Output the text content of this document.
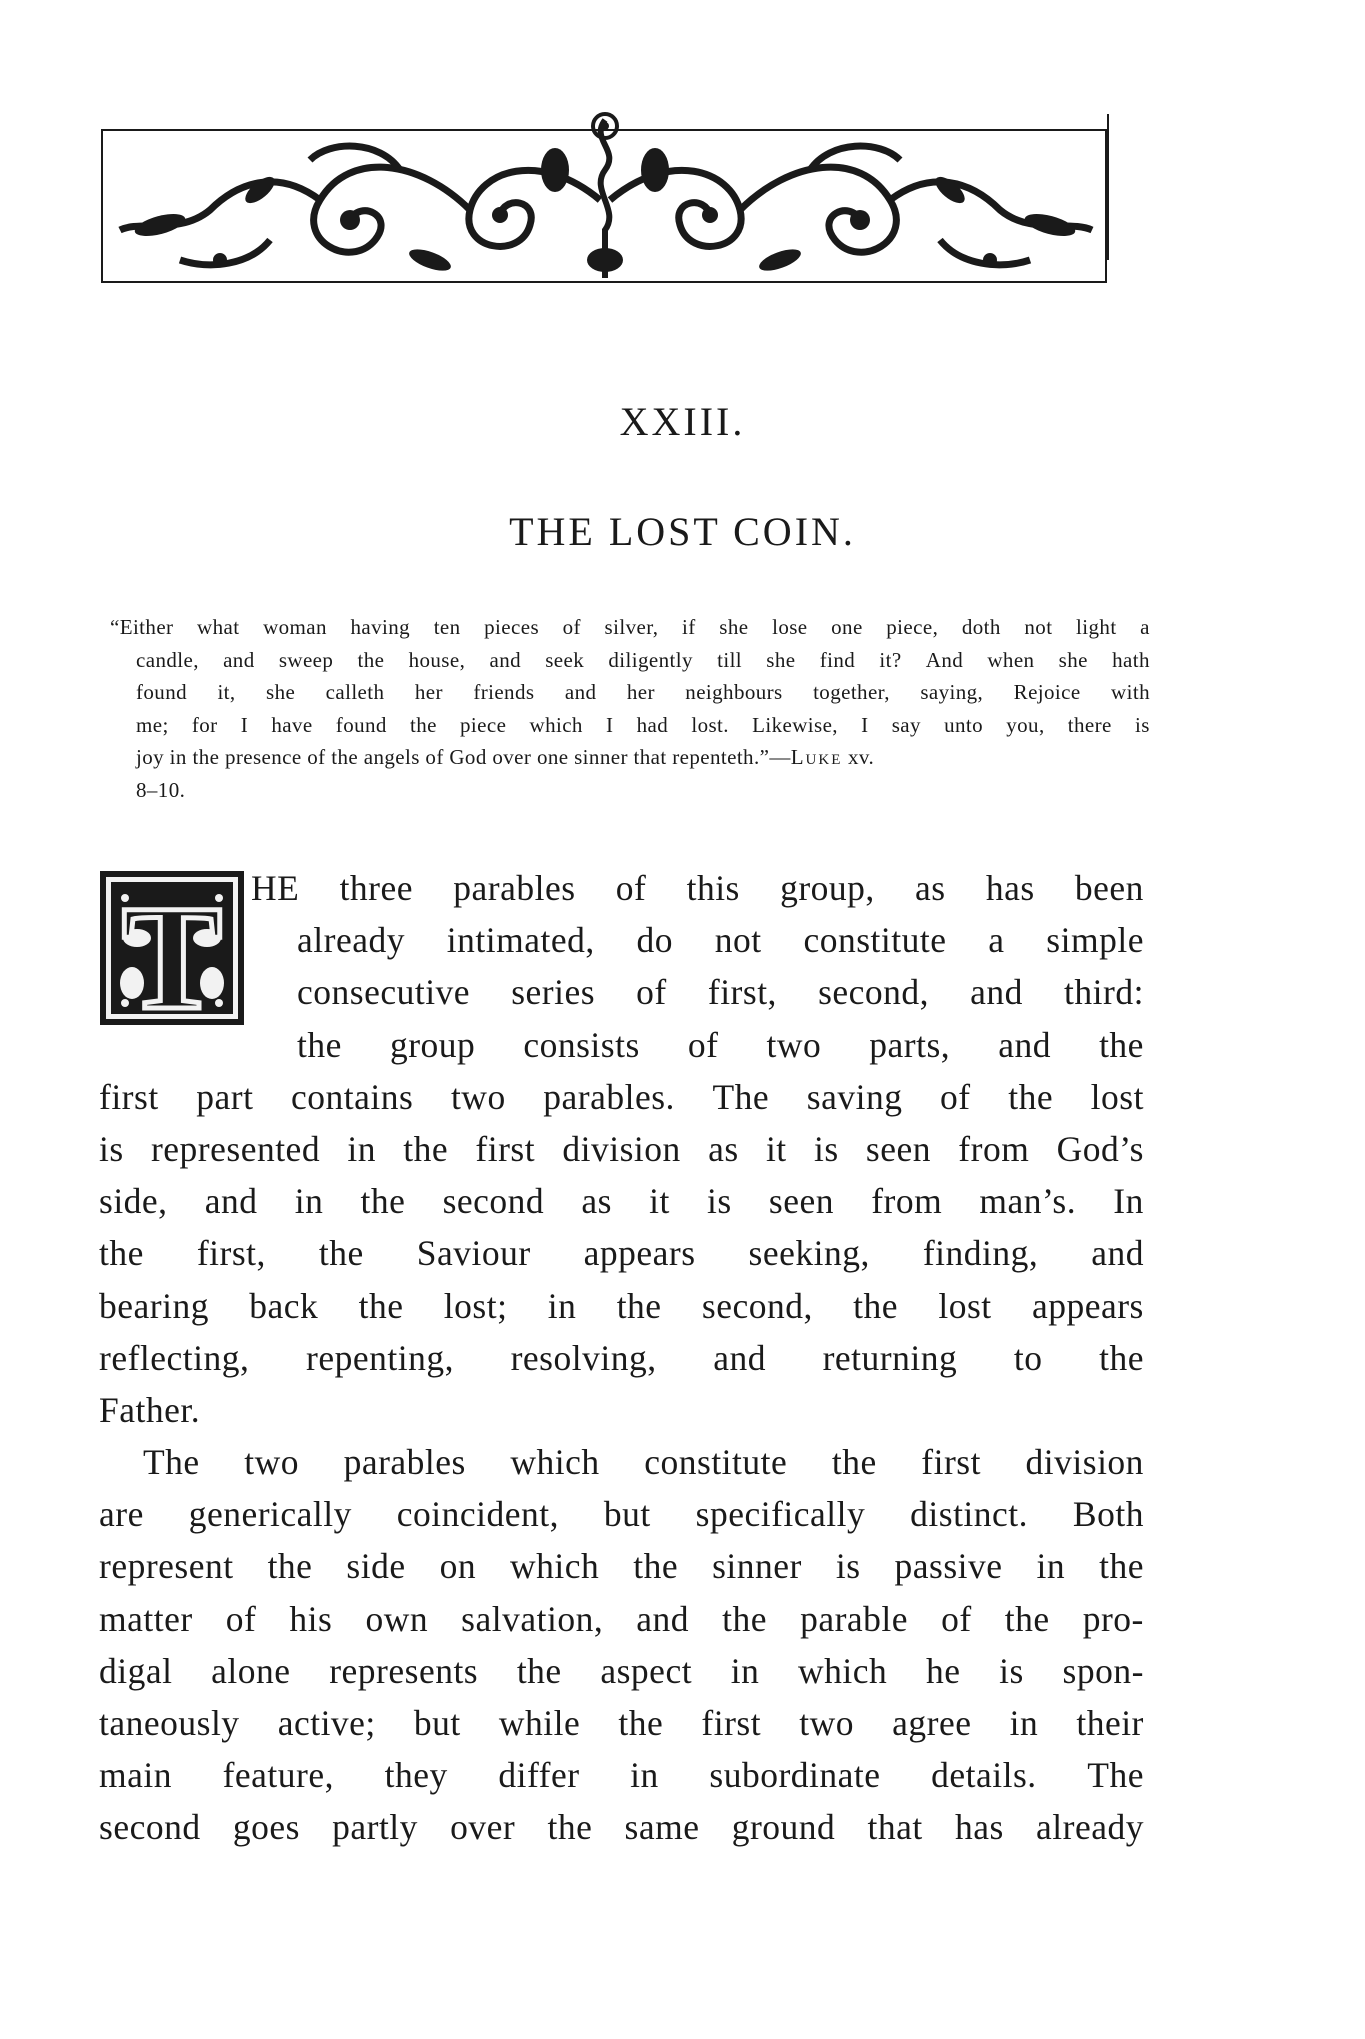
XXIII.
THE LOST COIN.
“Either what woman having ten pieces of silver, if she lose one piece, doth not light a
candle, and sweep the house, and seek diligently till she find it? And when she hath
found it, she calleth her friends and her neighbours together, saying, Rejoice with
me; for I have found the piece which I had lost. Likewise, I say unto you, there is
joy in the presence of the angels of God over one sinner that repenteth.”—Luke xv.
8–10.
T HE three parables of this group, as has been
already intimated, do not constitute a simple
consecutive series of first, second, and third:
the group consists of two parts, and the
first part contains two parables. The saving of the lost
is represented in the first division as it is seen from God’s
side, and in the second as it is seen from man’s. In
the first, the Saviour appears seeking, finding, and
bearing back the lost; in the second, the lost appears
reflecting, repenting, resolving, and returning to the
Father.
The two parables which constitute the first division
are generically coincident, but specifically distinct. Both
represent the side on which the sinner is passive in the
matter of his own salvation, and the parable of the pro-
digal alone represents the aspect in which he is spon-
taneously active; but while the first two agree in their
main feature, they differ in subordinate details. The
second goes partly over the same ground that has already
